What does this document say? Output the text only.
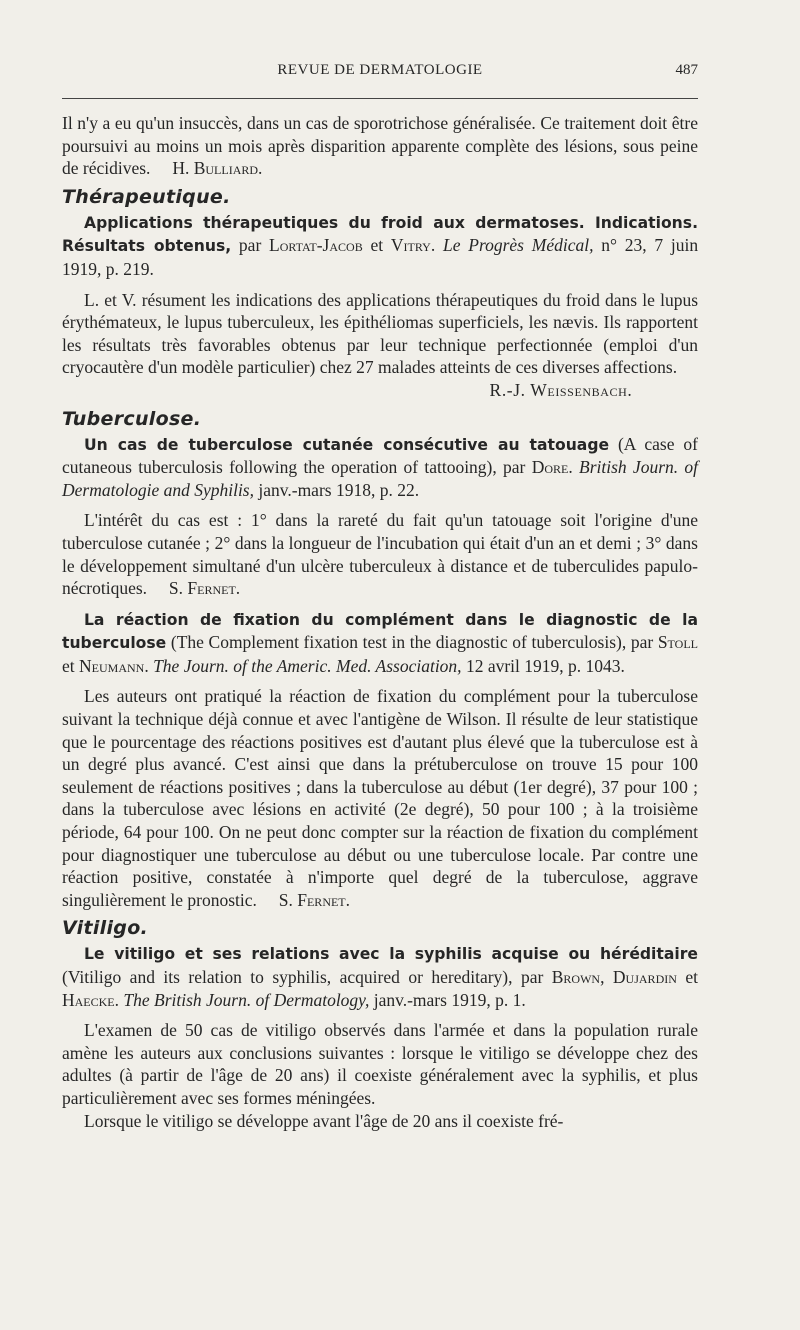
REVUE DE DERMATOLOGIE	487

Il n'y a eu qu'un insuccès, dans un cas de sporotrichose généralisée. Ce traitement doit être poursuivi au moins un mois après disparition apparente complète des lésions, sous peine de récidives. H. Bulliard.

Thérapeutique.

Applications thérapeutiques du froid aux dermatoses. Indications. Résultats obtenus, par Lortat-Jacob et Vitry. Le Progrès Médical, n° 23, 7 juin 1919, p. 219.

L. et V. résument les indications des applications thérapeutiques du froid dans le lupus érythémateux, le lupus tuberculeux, les épithéliomas superficiels, les nævis. Ils rapportent les résultats très favorables obtenus par leur technique perfectionnée (emploi d'un cryocautère d'un modèle particulier) chez 27 malades atteints de ces diverses affections.

R.-J. Weissenbach.

Tuberculose.

Un cas de tuberculose cutanée consécutive au tatouage (A case of cutaneous tuberculosis following the operation of tattooing), par Dore. British Journ. of Dermatologie and Syphilis, janv.-mars 1918, p. 22.

L'intérêt du cas est : 1° dans la rareté du fait qu'un tatouage soit l'origine d'une tuberculose cutanée ; 2° dans la longueur de l'incubation qui était d'un an et demi ; 3° dans le développement simultané d'un ulcère tuberculeux à distance et de tuberculides papulo-nécrotiques. S. Fernet.

La réaction de fixation du complément dans le diagnostic de la tuberculose (The Complement fixation test in the diagnostic of tuberculosis), par Stoll et Neumann. The Journ. of the Americ. Med. Association, 12 avril 1919, p. 1043.

Les auteurs ont pratiqué la réaction de fixation du complément pour la tuberculose suivant la technique déjà connue et avec l'antigène de Wilson. Il résulte de leur statistique que le pourcentage des réactions positives est d'autant plus élevé que la tuberculose est à un degré plus avancé. C'est ainsi que dans la prétuberculose on trouve 15 pour 100 seulement de réactions positives ; dans la tuberculose au début (1er degré), 37 pour 100 ; dans la tuberculose avec lésions en activité (2e degré), 50 pour 100 ; à la troisième période, 64 pour 100. On ne peut donc compter sur la réaction de fixation du complément pour diagnostiquer une tuberculose au début ou une tuberculose locale. Par contre une réaction positive, constatée à n'importe quel degré de la tuberculose, aggrave singulièrement le pronostic. S. Fernet.

Vitiligo.

Le vitiligo et ses relations avec la syphilis acquise ou héréditaire (Vitiligo and its relation to syphilis, acquired or hereditary), par Brown, Dujardin et Haecke. The British Journ. of Dermatology, janv.-mars 1919, p. 1.

L'examen de 50 cas de vitiligo observés dans l'armée et dans la population rurale amène les auteurs aux conclusions suivantes : lorsque le vitiligo se développe chez des adultes (à partir de l'âge de 20 ans) il coexiste généralement avec la syphilis, et plus particulièrement avec ses formes méningées.

Lorsque le vitiligo se développe avant l'âge de 20 ans il coexiste fré-
